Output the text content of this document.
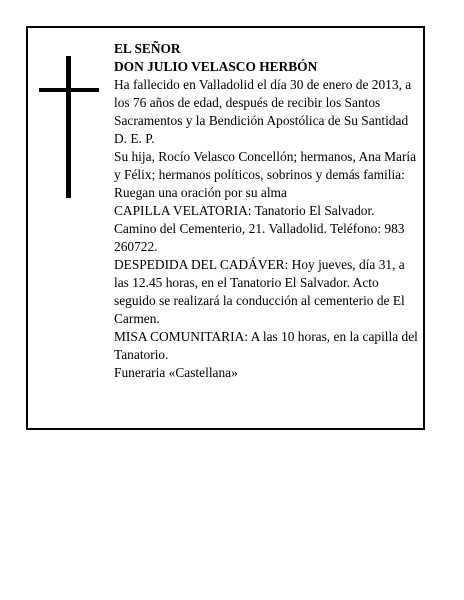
EL SEÑOR

DON JULIO VELASCO HERBÓN

Ha fallecido en Valladolid el día 30 de enero de 2013, a los 76 años de edad, después de recibir los Santos Sacramentos y la Bendición Apostólica de Su Santidad D. E. P.

Su hija, Rocío Velasco Concellón; hermanos, Ana María y Félix; hermanos políticos, sobrinos y demás familia:

Ruegan una oración por su alma

CAPILLA VELATORIA: Tanatorio El Salvador. Camino del Cementerio, 21. Valladolid. Teléfono: 983 260722.

DESPEDIDA DEL CADÁVER: Hoy jueves, día 31, a las 12.45 horas, en el Tanatorio El Salvador. Acto seguido se realizará la conducción al cementerio de El Carmen.

MISA COMUNITARIA: A las 10 horas, en la capilla del Tanatorio.

Funeraria «Castellana»
